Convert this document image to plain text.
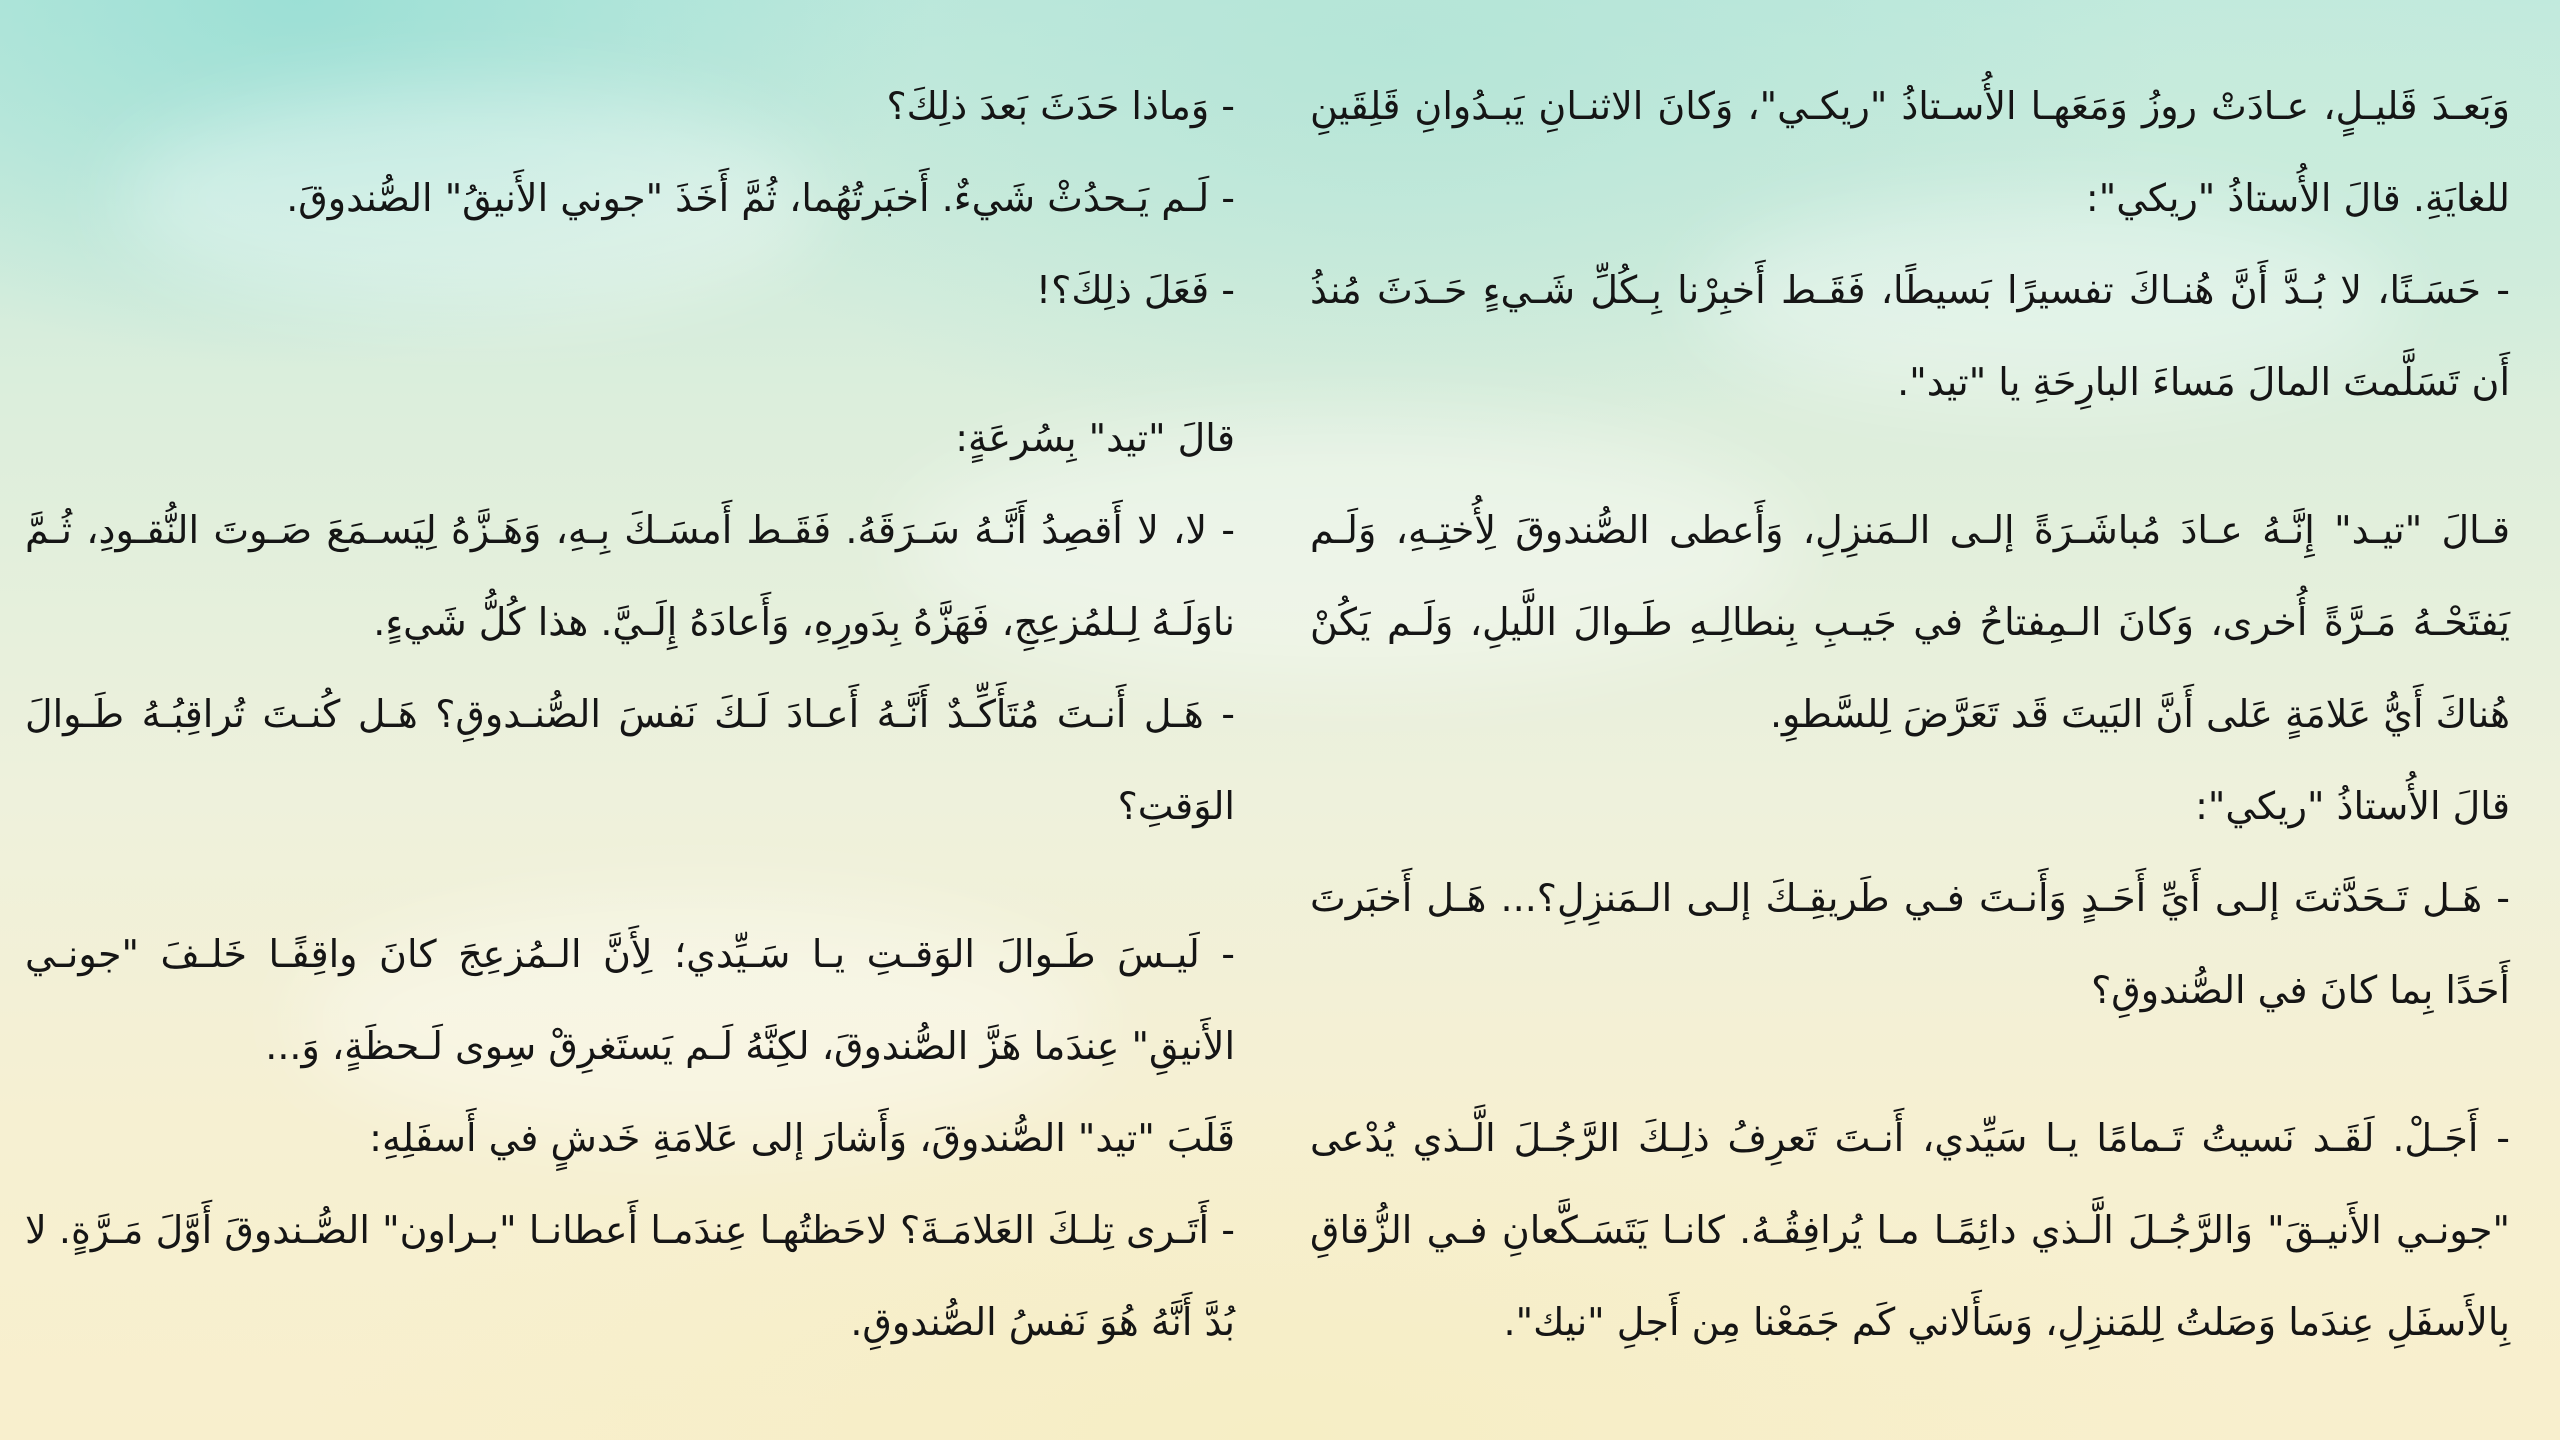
وَبَعـدَ قَليـلٍ، عـادَتْ روزُ وَمَعَهـا الأُسـتاذُ "ريكـي"، وَكانَ الاثنـانِ يَبـدُوانِ قَلِقَينِ للغايَةِ. قالَ الأُستاذُ "ريكي":

- حَسَـنًا، لا بُـدَّ أَنَّ هُنـاكَ تفسيرًا بَسيطًا، فَقَـط أَخبِرْنا بِـكُلِّ شَـيءٍ حَـدَثَ مُنذُ أَن تَسَلَّمتَ المالَ مَساءَ البارِحَةِ يا "تيد".

قـالَ "تيـد" إِنَّـهُ عـادَ مُباشَـرَةً إلـى الـمَنزِلِ، وَأَعطى الصُّندوقَ لِأُختِـهِ، وَلَـم يَفتَحْـهُ مَـرَّةً أُخرى، وَكانَ الـمِفتاحُ في جَيـبِ بِنطالِـهِ طَـوالَ اللَّيلِ، وَلَـم يَكُنْ هُناكَ أَيُّ عَلامَةٍ عَلى أَنَّ البَيتَ قَد تَعَرَّضَ لِلسَّطوِ.

قالَ الأُستاذُ "ريكي":

- هَـل تَـحَدَّثتَ إلـى أَيِّ أَحَـدٍ وَأَنـتَ فـي طَريقِـكَ إلـى الـمَنزِلِ؟... هَـل أَخبَرتَ أَحَدًا بِما كانَ في الصُّندوقِ؟

- أَجَـلْ. لَقَـد نَسيتُ تَـمامًا يـا سَيِّدي، أَنـتَ تَعرِفُ ذلِـكَ الرَّجُـلَ الَّـذي يُدْعى "جونـي الأَنيـقَ" وَالرَّجُـلَ الَّـذي دائِمًـا مـا يُرافِقُـهُ. كانـا يَتَسَـكَّعانِ فـي الزُّقاقِ بِالأَسفَلِ عِندَما وَصَلتُ لِلمَنزِلِ، وَسَأَلاني كَم جَمَعْنا مِن أَجلِ "نيك".

- وَماذا حَدَثَ بَعدَ ذلِكَ؟

- لَـم يَـحدُثْ شَيءٌ. أَخبَرتُهُما، ثُمَّ أَخَذَ "جوني الأَنيقُ" الصُّندوقَ.

- فَعَلَ ذلِكَ؟!

قالَ "تيد" بِسُرعَةٍ:

- لا، لا أَقصِدُ أَنَّـهُ سَـرَقَهُ. فَقَـط أَمسَـكَ بِـهِ، وَهَـزَّهُ لِيَسـمَعَ صَـوتَ النُّقـودِ، ثُـمَّ ناوَلَـهُ لِـلمُزعِجِ، فَهَزَّهُ بِدَورِهِ، وَأَعادَهُ إِلَـيَّ. هذا كُلُّ شَيءٍ.

- هَـل أَنـتَ مُتَأَكِّـدٌ أَنَّـهُ أَعـادَ لَـكَ نَفسَ الصُّنـدوقِ؟ هَـل كُنـتَ تُراقِبُـهُ طَـوالَ الوَقتِ؟

- لَيـسَ طَـوالَ الوَقـتِ يـا سَـيِّدي؛ لِأَنَّ الـمُزعِجَ كانَ واقِفًـا خَلـفَ "جونـي الأَنيقِ" عِندَما هَزَّ الصُّندوقَ، لكِنَّهُ لَـم يَستَغرِقْ سِوى لَـحظَةٍ، وَ...

قَلَبَ "تيد" الصُّندوقَ، وَأَشارَ إلى عَلامَةِ خَدشٍ في أَسفَلِهِ:

- أَتَـرى تِلـكَ العَلامَـةَ؟ لاحَظتُهـا عِندَمـا أَعطانـا "بـراون" الصُّـندوقَ أَوَّلَ مَـرَّةٍ. لا بُدَّ أَنَّهُ هُوَ نَفسُ الصُّندوقِ.
